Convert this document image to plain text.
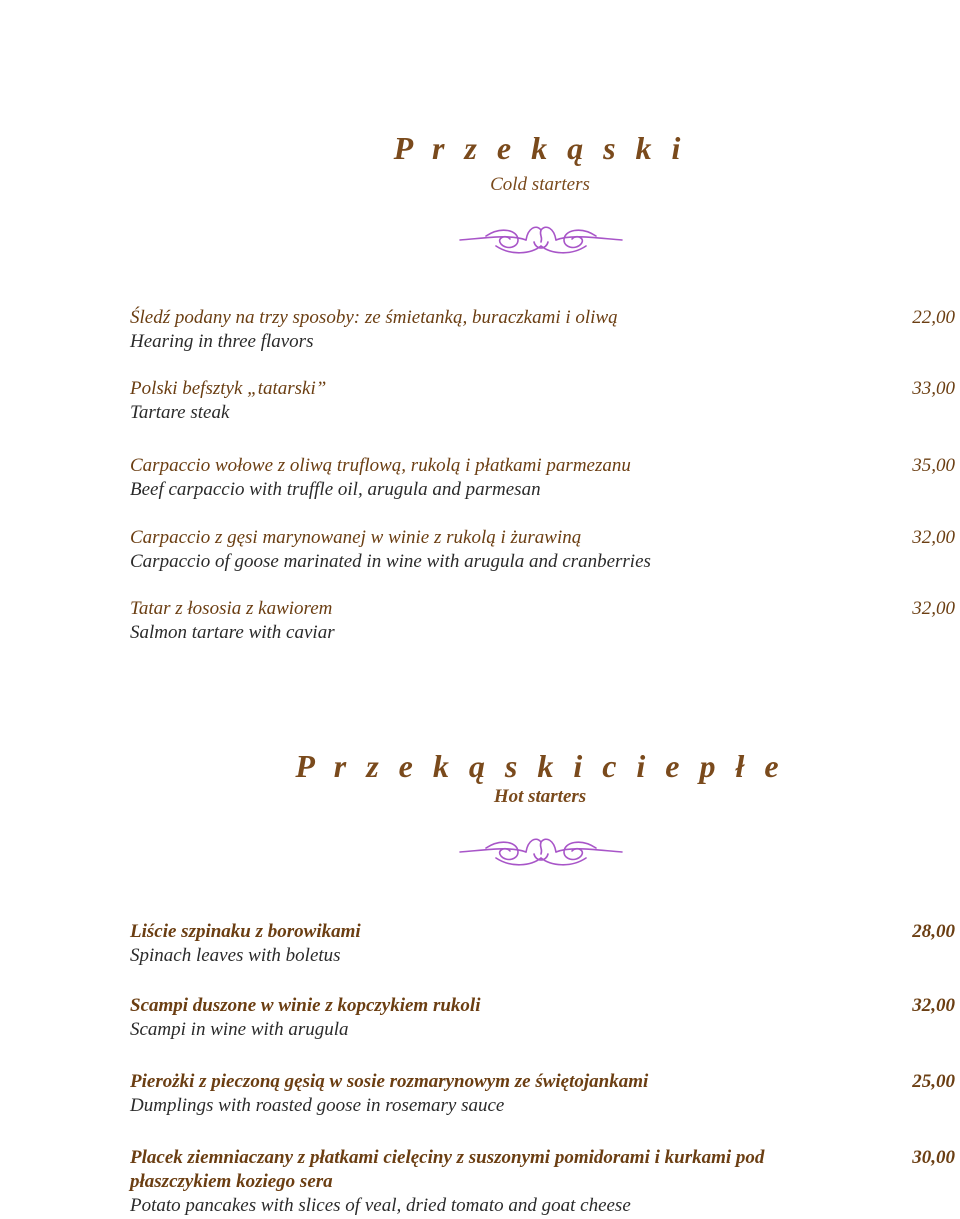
P r z e k ą s k i

Cold starters

Śledź podany na trzy sposoby: ze śmietanką, buraczkami i oliwą
Hearing in three flavors
22,00
Polski befsztyk „tatarski”
Tartare steak
33,00
Carpaccio wołowe z oliwą truflową, rukolą i płatkami parmezanu
Beef carpaccio with truffle oil, arugula and parmesan
35,00
Carpaccio z gęsi marynowanej w winie z rukolą i żurawiną
Carpaccio of goose marinated in wine with arugula and cranberries
32,00
Tatar z łososia z kawiorem
Salmon tartare with caviar
32,00
P r z e k ą s k i c i e p ł e

Hot starters

Liście szpinaku z borowikami
Spinach leaves with boletus
28,00
Scampi duszone w winie z kopczykiem rukoli
Scampi in wine with arugula
32,00
Pierożki z pieczoną gęsią w sosie rozmarynowym ze świętojankami
Dumplings with roasted goose in rosemary sauce
25,00
Placek ziemniaczany z płatkami cielęciny z suszonymi pomidorami i kurkami pod płaszczykiem koziego sera
Potato pancakes with slices of veal, dried tomato and goat cheese
30,00
